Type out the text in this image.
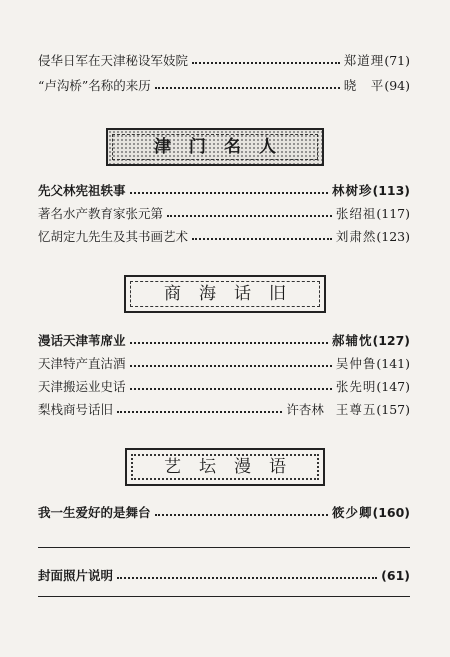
侵华日军在天津秘设军妓院	郑道理 ( 71 )
“卢沟桥”名称的来历	晓　平 ( 94 )
津门名人
先父林宪祖轶事	林树珍 ( 113 )
著名水产教育家张元第	张绍祖 ( 117 )
忆胡定九先生及其书画艺术	刘肃然 ( 123 )
商海话旧
漫话天津苇席业	郝辅忱 ( 127 )
天津特产直沽酒	吴仲鲁 ( 141 )
天津搬运业史话	张先明 ( 147 )
梨栈商号话旧	许杏林 王尊五 ( 157 )
艺坛漫语
我一生爱好的是舞台	筱少卿 ( 160 )
封面照片说明	( 61 )
